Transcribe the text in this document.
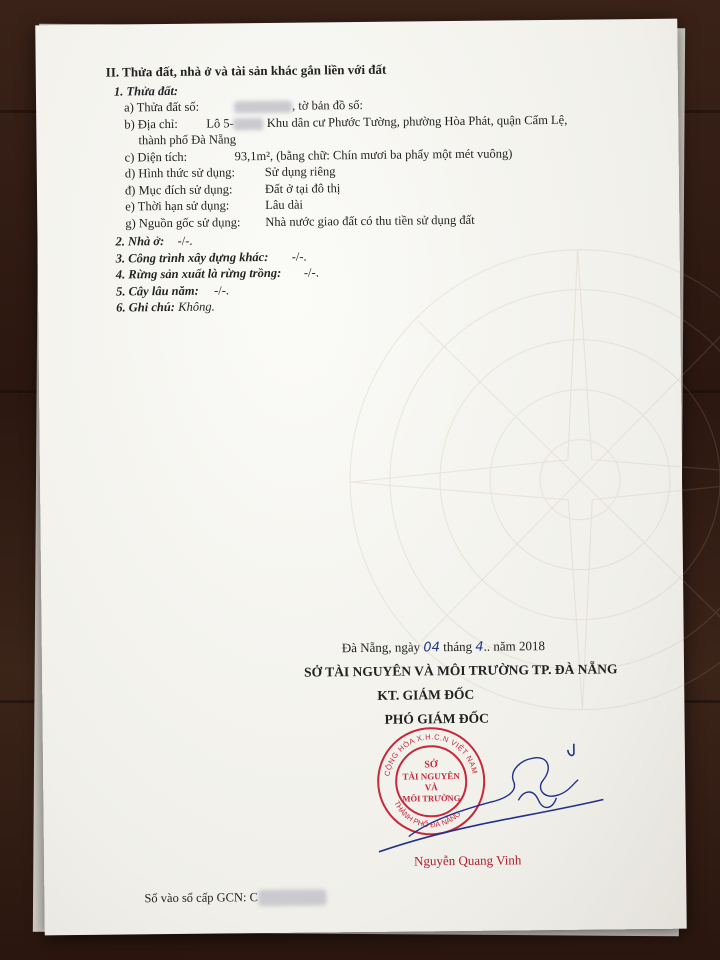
II. Thửa đất, nhà ở và tài sản khác gắn liền với đất
1. Thửa đất:
a) Thửa đất số:	, tờ bản đồ số:
b) Địa chỉ: Lô 5-	Khu dân cư Phước Tường, phường Hòa Phát, quận Cẩm Lệ,
thành phố Đà Nẵng
c) Diện tích:	93,1m², (bằng chữ: Chín mươi ba phẩy một mét vuông)
d) Hình thức sử dụng: Sử dụng riêng
đ) Mục đích sử dụng:	Đất ở tại đô thị
e) Thời hạn sử dụng:	Lâu dài
g) Nguồn gốc sử dụng: Nhà nước giao đất có thu tiền sử dụng đất
2. Nhà ở: -/-.
3. Công trình xây dựng khác: -/-.
4. Rừng sản xuất là rừng trồng: -/-.
5. Cây lâu năm: -/-.
6. Ghi chú: Không.
Đà Nẵng, ngày 04 tháng 4.. năm 2018
SỞ TÀI NGUYÊN VÀ MÔI TRƯỜNG TP. ĐÀ NẴNG
KT. GIÁM ĐỐC
PHÓ GIÁM ĐỐC
CỘNG HÒA X.H.C.N VIỆT NAM
THÀNH PHỐ ĐÀ NẴNG
SỞ
TÀI NGUYÊN
VÀ
MÔI TRƯỜNG
Nguyễn Quang Vinh
Số vào sổ cấp GCN: C
